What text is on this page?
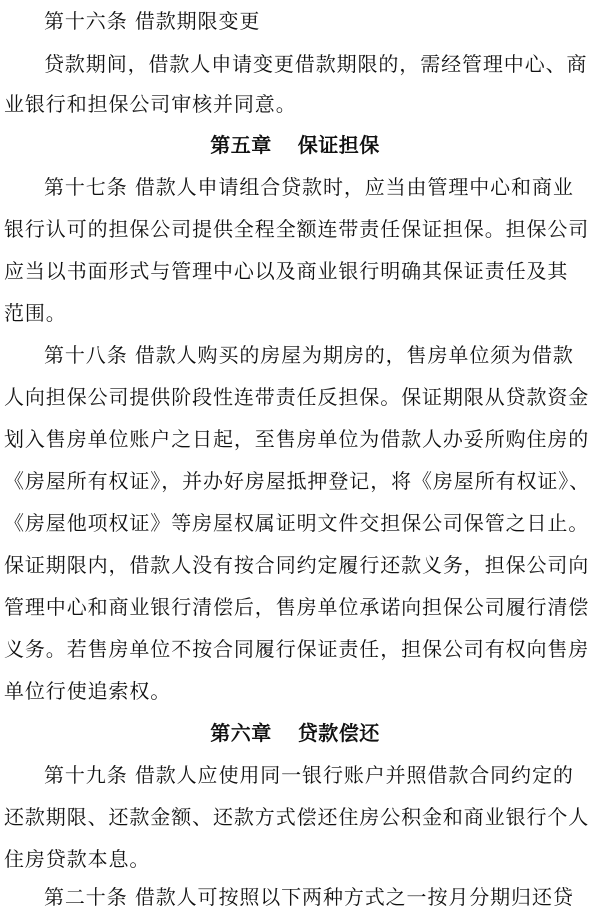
第十六条 借款期限变更
贷款期间，借款人申请变更借款期限的，需经管理中心、商
业银行和担保公司审核并同意。
第五章 保证担保
第十七条 借款人申请组合贷款时，应当由管理中心和商业
银行认可的担保公司提供全程全额连带责任保证担保。担保公司
应当以书面形式与管理中心以及商业银行明确其保证责任及其
范围。
第十八条 借款人购买的房屋为期房的，售房单位须为借款
人向担保公司提供阶段性连带责任反担保。保证期限从贷款资金
划入售房单位账户之日起，至售房单位为借款人办妥所购住房的
《房屋所有权证》，并办好房屋抵押登记，将《房屋所有权证》、
《房屋他项权证》等房屋权属证明文件交担保公司保管之日止。
保证期限内，借款人没有按合同约定履行还款义务，担保公司向
管理中心和商业银行清偿后，售房单位承诺向担保公司履行清偿
义务。若售房单位不按合同履行保证责任，担保公司有权向售房
单位行使追索权。
第六章 贷款偿还
第十九条 借款人应使用同一银行账户并照借款合同约定的
还款期限、还款金额、还款方式偿还住房公积金和商业银行个人
住房贷款本息。
第二十条 借款人可按照以下两种方式之一按月分期归还贷
